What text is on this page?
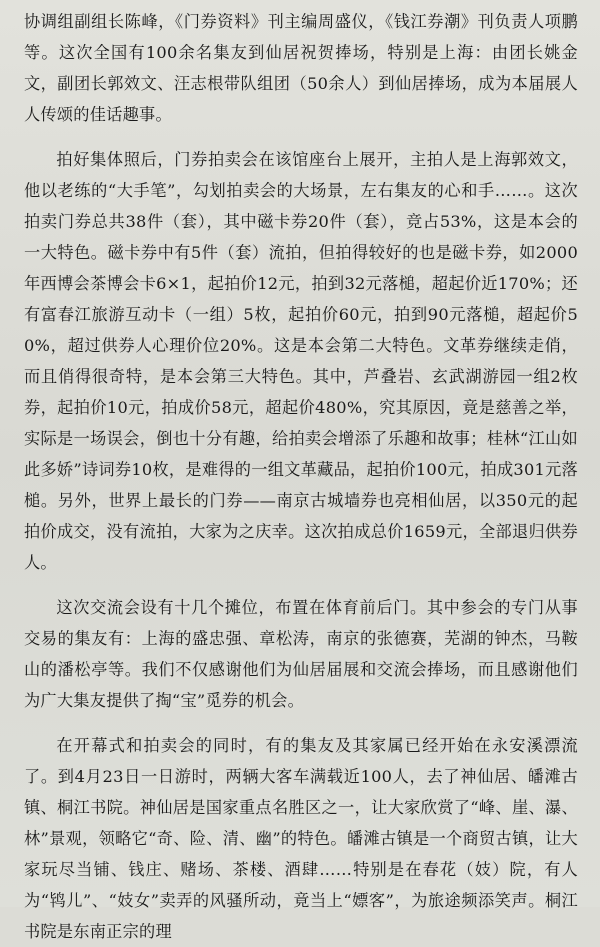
协调组副组长陈峰，《门券资料》刊主编周盛仪，《钱江券潮》刊负责人项鹏等。这次全国有100余名集友到仙居祝贺捧场，特别是上海：由团长姚金文，副团长郭效文、汪志根带队组团（50余人）到仙居捧场，成为本届展人人传颂的佳话趣事。

拍好集体照后，门券拍卖会在该馆座台上展开，主拍人是上海郭效文，他以老练的“大手笔”，勾划拍卖会的大场景，左右集友的心和手……。这次拍卖门券总共38件（套），其中磁卡券20件（套），竞占53%，这是本会的一大特色。磁卡券中有5件（套）流拍，但拍得较好的也是磁卡券，如2000年西博会茶博会卡6×1，起拍价12元，拍到32元落槌，超起价近170%；还有富春江旅游互动卡（一组）5枚，起拍价60元，拍到90元落槌，超起价50%，超过供券人心理价位20%。这是本会第二大特色。文革券继续走俏，而且俏得很奇特，是本会第三大特色。其中，芦叠岩、玄武湖游园一组2枚券，起拍价10元，拍成价58元，超起价480%，究其原因，竟是慈善之举，实际是一场误会，倒也十分有趣，给拍卖会增添了乐趣和故事；桂林“江山如此多娇”诗词券10枚，是难得的一组文革藏品，起拍价100元，拍成301元落槌。另外，世界上最长的门券——南京古城墙券也亮相仙居，以350元的起拍价成交，没有流拍，大家为之庆幸。这次拍成总价1659元，全部退归供券人。

这次交流会设有十几个摊位，布置在体育前后门。其中参会的专门从事交易的集友有：上海的盛忠强、章松涛，南京的张德赛，芜湖的钟杰，马鞍山的潘松亭等。我们不仅感谢他们为仙居届展和交流会捧场，而且感谢他们为广大集友提供了掏“宝”觅券的机会。

在开幕式和拍卖会的同时，有的集友及其家属已经开始在永安溪漂流了。到4月23日一日游时，两辆大客车满载近100人，去了神仙居、皤滩古镇、桐江书院。神仙居是国家重点名胜区之一，让大家欣赏了“峰、崖、瀑、林”景观，领略它“奇、险、清、幽”的特色。皤滩古镇是一个商贸古镇，让大家玩尽当铺、钱庄、赌场、茶楼、酒肆……特别是在春花（妓）院，有人为“鸨儿”、“妓女”卖弄的风骚所动，竟当上“嫖客”，为旅途频添笑声。桐江书院是东南正宗的理
